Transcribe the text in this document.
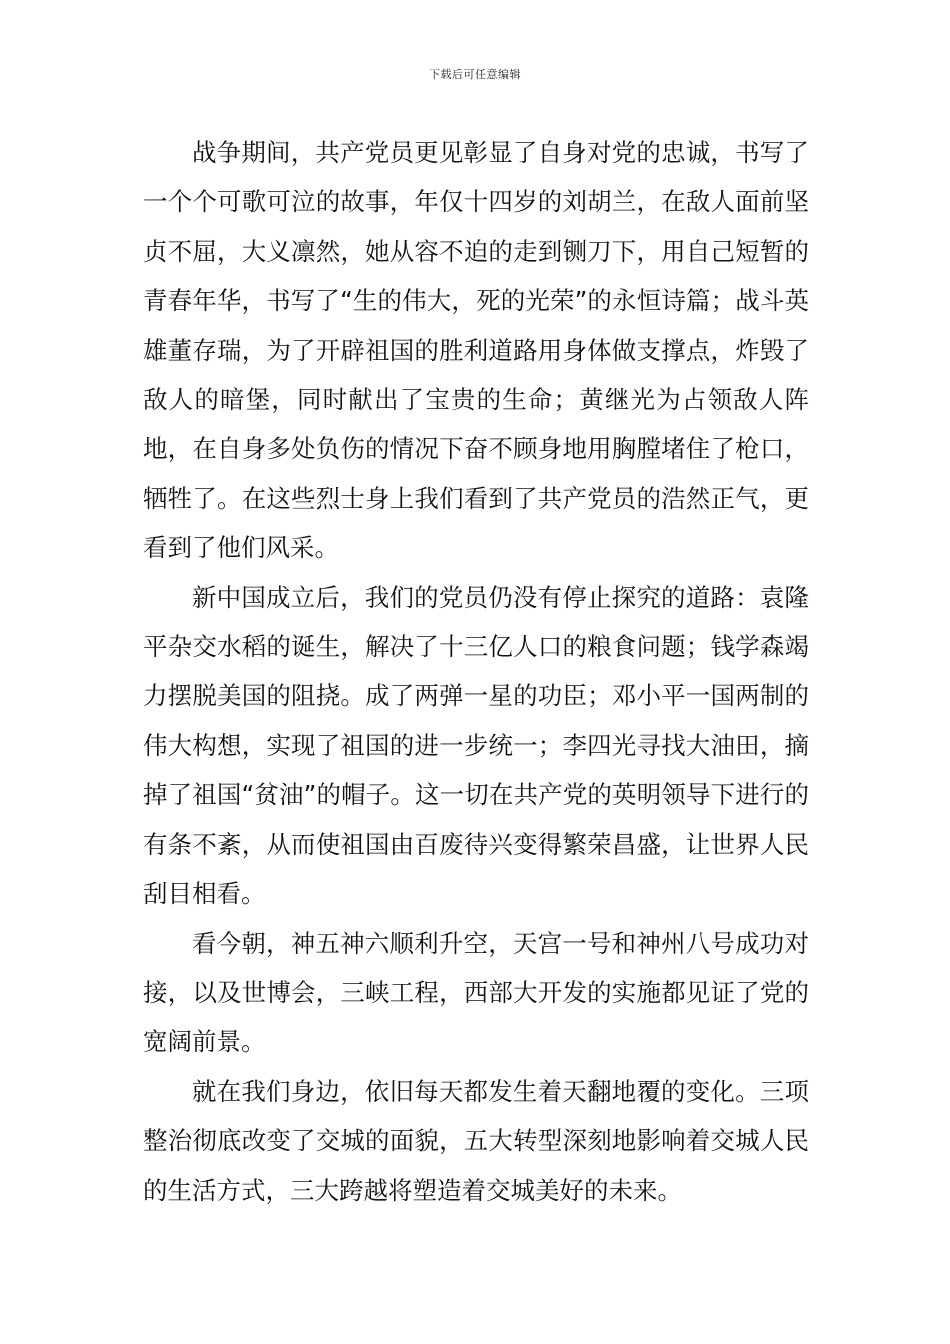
下载后可任意编辑

战争期间，共产党员更见彰显了自身对党的忠诚，书写了一个个可歌可泣的故事，年仅十四岁的刘胡兰，在敌人面前坚贞不屈，大义凛然，她从容不迫的走到铡刀下，用自己短暂的青春年华，书写了“生的伟大，死的光荣”的永恒诗篇；战斗英雄董存瑞，为了开辟祖国的胜利道路用身体做支撑点，炸毁了敌人的暗堡，同时献出了宝贵的生命；黄继光为占领敌人阵地，在自身多处负伤的情况下奋不顾身地用胸膛堵住了枪口，牺牲了。在这些烈士身上我们看到了共产党员的浩然正气，更看到了他们风采。

新中国成立后，我们的党员仍没有停止探究的道路：袁隆平杂交水稻的诞生，解决了十三亿人口的粮食问题；钱学森竭力摆脱美国的阻挠。成了两弹一星的功臣；邓小平一国两制的伟大构想，实现了祖国的进一步统一；李四光寻找大油田，摘掉了祖国“贫油”的帽子。这一切在共产党的英明领导下进行的有条不紊，从而使祖国由百废待兴变得繁荣昌盛，让世界人民刮目相看。

看今朝，神五神六顺利升空，天宫一号和神州八号成功对接，以及世博会，三峡工程，西部大开发的实施都见证了党的宽阔前景。

就在我们身边，依旧每天都发生着天翻地覆的变化。三项整治彻底改变了交城的面貌，五大转型深刻地影响着交城人民的生活方式，三大跨越将塑造着交城美好的未来。
